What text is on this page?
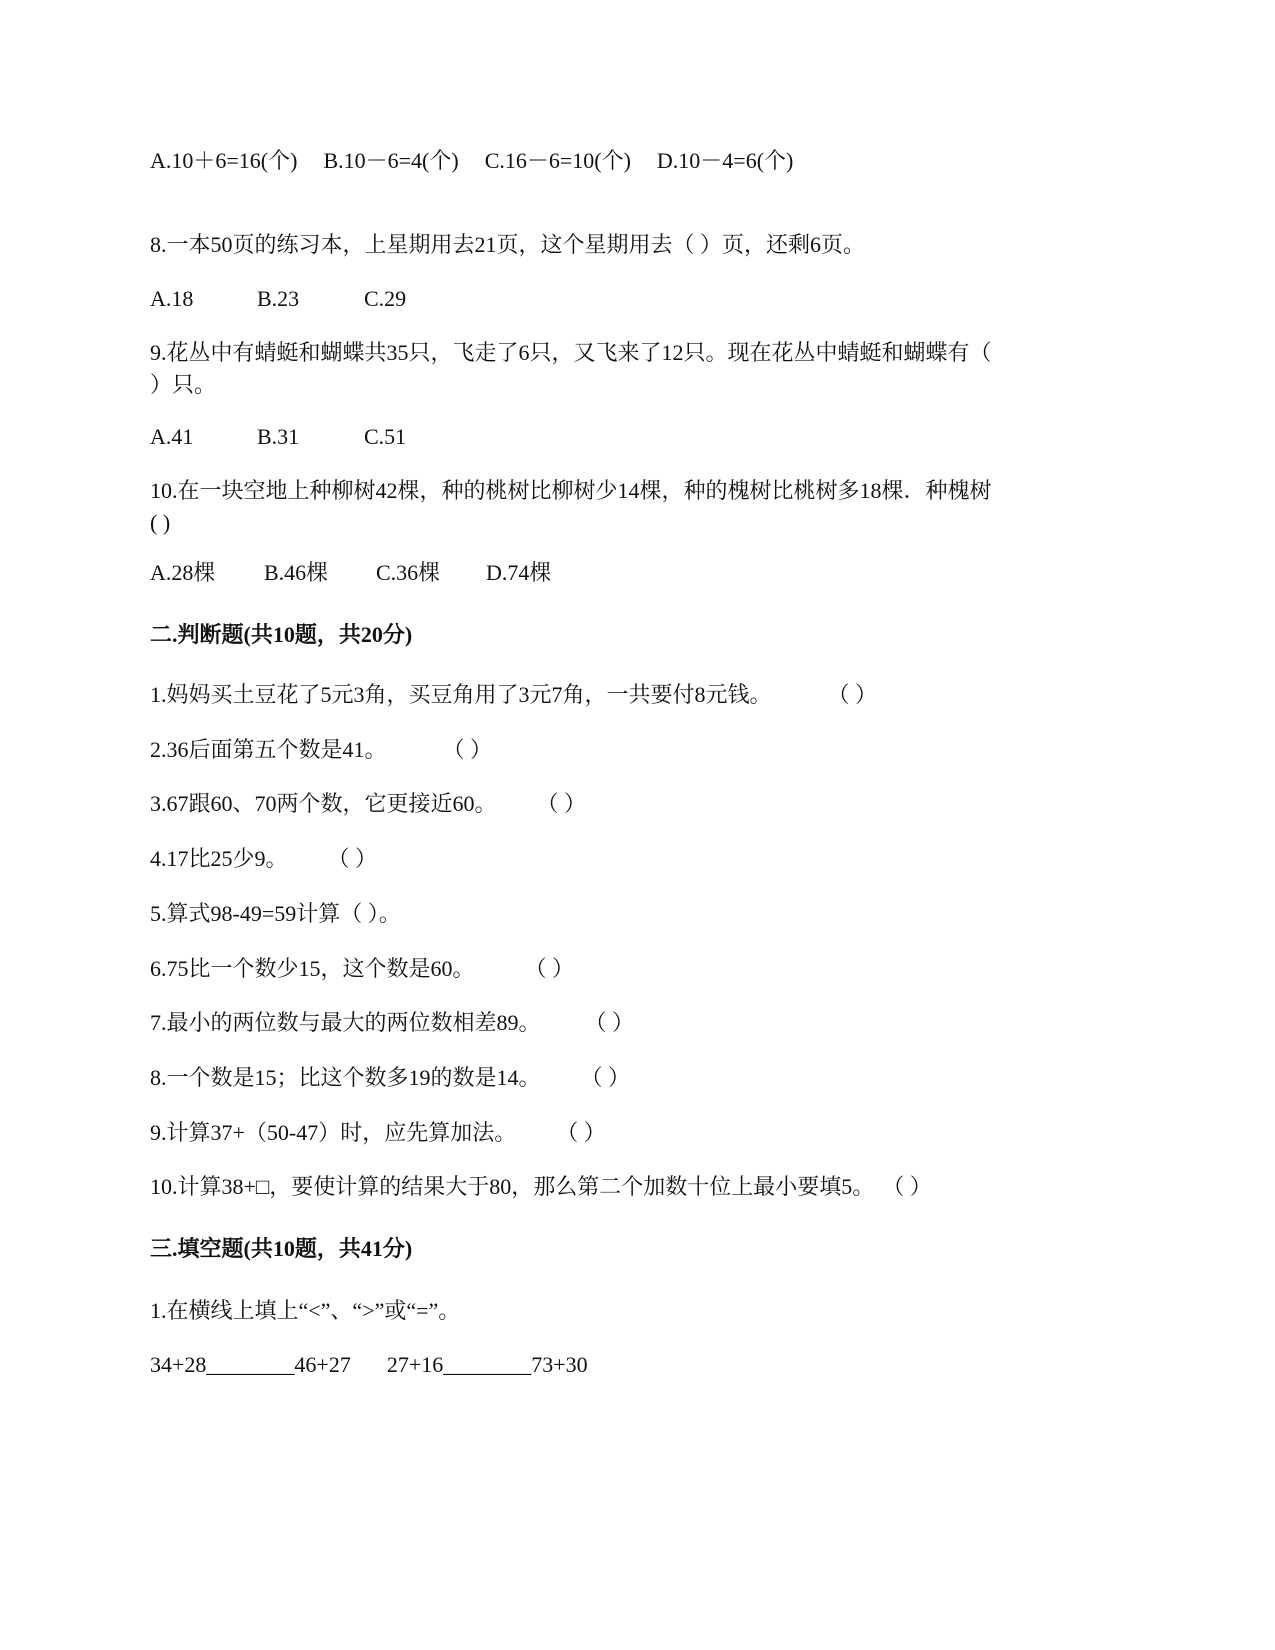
A.10＋6=16(个) B.10－6=4(个) C.16－6=10(个) D.10－4=6(个)
8.一本50页的练习本，上星期用去21页，这个星期用去（ ）页，还剩6页。
A.18	B.23	C.29
9.花丛中有蜻蜓和蝴蝶共35只，飞走了6只，又飞来了12只。现在花丛中蜻蜓和蝴蝶有（
）只。
A.41	B.31	C.51
10.在一块空地上种柳树42棵，种的桃树比柳树少14棵，种的槐树比桃树多18棵．种槐树
( )
A.28棵 B.46棵 C.36棵 D.74棵
二.判断题(共10题，共20分)
1.妈妈买土豆花了5元3角，买豆角用了3元7角，一共要付8元钱。	（ ）
2.36后面第五个数是41。	（ ）
3.67跟60、70两个数，它更接近60。 （ ）
4.17比25少9。 （ ）
5.算式98-49=59计算（ ）。
6.75比一个数少15，这个数是60。 （ ）
7.最小的两位数与最大的两位数相差89。 （ ）
8.一个数是15；比这个数多19的数是14。 （ ）
9.计算37+（50-47）时，应先算加法。 （ ）
10.计算38+□，要使计算的结果大于80，那么第二个加数十位上最小要填5。 （ ）
三.填空题(共10题，共41分)
1.在横线上填上“<”、“>”或“=”。
34+28________46+27 27+16________73+30
